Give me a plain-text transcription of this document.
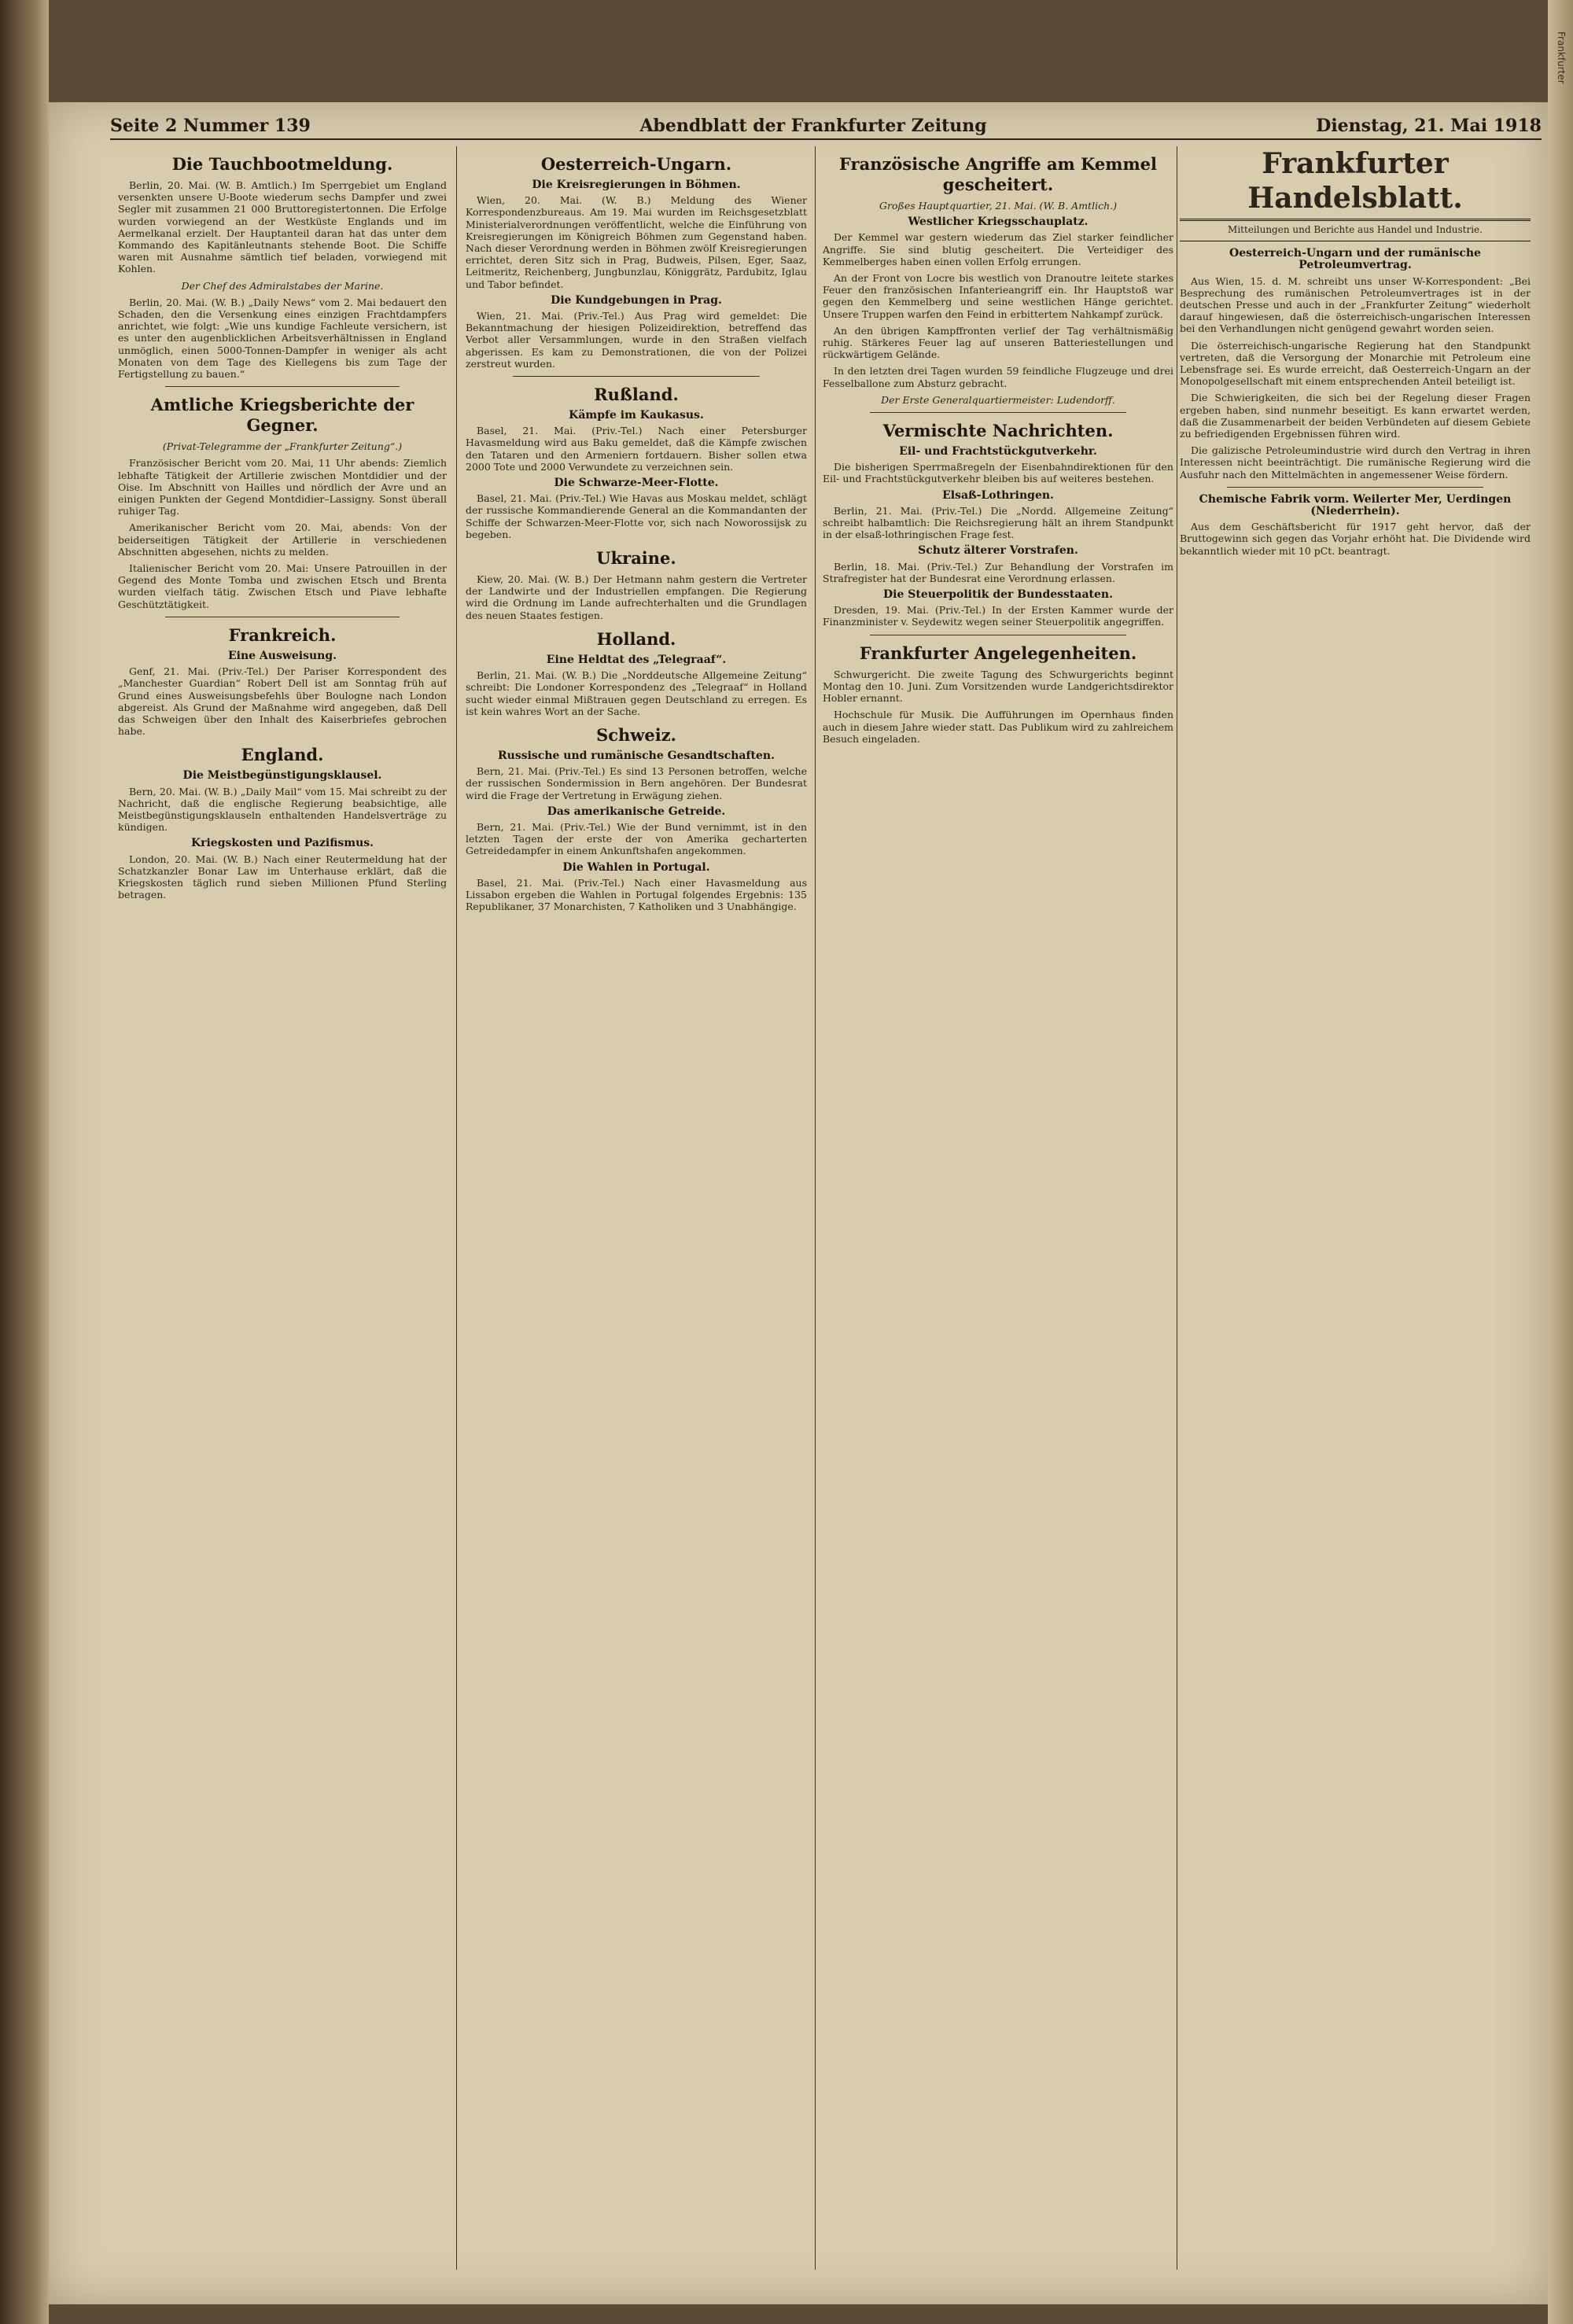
Frankfurter
Seite 2 Nummer 139	Abendblatt der Frankfurter Zeitung	Dienstag, 21. Mai 1918
Die Tauchbootmeldung.

Berlin, 20. Mai. (W. B. Amtlich.) Im Sperrgebiet um England versenkten unsere U-Boote wiederum sechs Dampfer und zwei Segler mit zusammen 21 000 Bruttoregistertonnen. Die Erfolge wurden vorwiegend an der Westküste Englands und im Aermelkanal erzielt. Der Hauptanteil daran hat das unter dem Kommando des Kapitänleutnants stehende Boot. Die Schiffe waren mit Ausnahme sämtlich tief beladen, vorwiegend mit Kohlen.

Der Chef des Admiralstabes der Marine.

Berlin, 20. Mai. (W. B.) „Daily News“ vom 2. Mai bedauert den Schaden, den die Versenkung eines einzigen Frachtdampfers anrichtet, wie folgt: „Wie uns kundige Fachleute versichern, ist es unter den augenblicklichen Arbeitsverhältnissen in England unmöglich, einen 5000-Tonnen-Dampfer in weniger als acht Monaten von dem Tage des Kiellegens bis zum Tage der Fertigstellung zu bauen.“

Amtliche Kriegsberichte der Gegner.

(Privat-Telegramme der „Frankfurter Zeitung“.)

Französischer Bericht vom 20. Mai, 11 Uhr abends: Ziemlich lebhafte Tätigkeit der Artillerie zwischen Montdidier und der Oise. Im Abschnitt von Hailles und nördlich der Avre und an einigen Punkten der Gegend Montdidier–Lassigny. Sonst überall ruhiger Tag.

Amerikanischer Bericht vom 20. Mai, abends: Von der beiderseitigen Tätigkeit der Artillerie in verschiedenen Abschnitten abgesehen, nichts zu melden.

Italienischer Bericht vom 20. Mai: Unsere Patrouillen in der Gegend des Monte Tomba und zwischen Etsch und Brenta wurden vielfach tätig. Zwischen Etsch und Piave lebhafte Geschütztätigkeit.

Frankreich.
Eine Ausweisung.

Genf, 21. Mai. (Priv.-Tel.) Der Pariser Korrespondent des „Manchester Guardian“ Robert Dell ist am Sonntag früh auf Grund eines Ausweisungsbefehls über Boulogne nach London abgereist. Als Grund der Maßnahme wird angegeben, daß Dell das Schweigen über den Inhalt des Kaiserbriefes gebrochen habe.

England.
Die Meistbegünstigungsklausel.

Bern, 20. Mai. (W. B.) „Daily Mail“ vom 15. Mai schreibt zu der Nachricht, daß die englische Regierung beabsichtige, alle Meistbegünstigungsklauseln enthaltenden Handelsverträge zu kündigen.

Kriegskosten und Pazifismus.

London, 20. Mai. (W. B.) Nach einer Reutermeldung hat der Schatzkanzler Bonar Law im Unterhause erklärt, daß die Kriegskosten täglich rund sieben Millionen Pfund Sterling betragen.

Oesterreich-Ungarn.
Die Kreisregierungen in Böhmen.

Wien, 20. Mai. (W. B.) Meldung des Wiener Korrespondenzbureaus. Am 19. Mai wurden im Reichsgesetzblatt Ministerialverordnungen veröffentlicht, welche die Einführung von Kreisregierungen im Königreich Böhmen zum Gegenstand haben. Nach dieser Verordnung werden in Böhmen zwölf Kreisregierungen errichtet, deren Sitz sich in Prag, Budweis, Pilsen, Eger, Saaz, Leitmeritz, Reichenberg, Jungbunzlau, Königgrätz, Pardubitz, Iglau und Tabor befindet.

Die Kundgebungen in Prag.

Wien, 21. Mai. (Priv.-Tel.) Aus Prag wird gemeldet: Die Bekanntmachung der hiesigen Polizeidirektion, betreffend das Verbot aller Versammlungen, wurde in den Straßen vielfach abgerissen. Es kam zu Demonstrationen, die von der Polizei zerstreut wurden.

Rußland.
Kämpfe im Kaukasus.

Basel, 21. Mai. (Priv.-Tel.) Nach einer Petersburger Havasmeldung wird aus Baku gemeldet, daß die Kämpfe zwischen den Tataren und den Armeniern fortdauern. Bisher sollen etwa 2000 Tote und 2000 Verwundete zu verzeichnen sein.

Die Schwarze-Meer-Flotte.

Basel, 21. Mai. (Priv.-Tel.) Wie Havas aus Moskau meldet, schlägt der russische Kommandierende General an die Kommandanten der Schiffe der Schwarzen-Meer-Flotte vor, sich nach Noworossijsk zu begeben.

Ukraine.

Kiew, 20. Mai. (W. B.) Der Hetmann nahm gestern die Vertreter der Landwirte und der Industriellen empfangen. Die Regierung wird die Ordnung im Lande aufrechterhalten und die Grundlagen des neuen Staates festigen.

Holland.
Eine Heldtat des „Telegraaf“.

Berlin, 21. Mai. (W. B.) Die „Norddeutsche Allgemeine Zeitung“ schreibt: Die Londoner Korrespondenz des „Telegraaf“ in Holland sucht wieder einmal Mißtrauen gegen Deutschland zu erregen. Es ist kein wahres Wort an der Sache.

Schweiz.
Russische und rumänische Gesandtschaften.

Bern, 21. Mai. (Priv.-Tel.) Es sind 13 Personen betroffen, welche der russischen Sondermission in Bern angehören. Der Bundesrat wird die Frage der Vertretung in Erwägung ziehen.

Das amerikanische Getreide.

Bern, 21. Mai. (Priv.-Tel.) Wie der Bund vernimmt, ist in den letzten Tagen der erste der von Amerika gecharterten Getreidedampfer in einem Ankunftshafen angekommen.

Die Wahlen in Portugal.

Basel, 21. Mai. (Priv.-Tel.) Nach einer Havasmeldung aus Lissabon ergeben die Wahlen in Portugal folgendes Ergebnis: 135 Republikaner, 37 Monarchisten, 7 Katholiken und 3 Unabhängige.

Französische Angriffe am Kemmel gescheitert.

Großes Hauptquartier, 21. Mai. (W. B. Amtlich.)

Westlicher Kriegsschauplatz.

Der Kemmel war gestern wiederum das Ziel starker feindlicher Angriffe. Sie sind blutig gescheitert. Die Verteidiger des Kemmelberges haben einen vollen Erfolg errungen.

An der Front von Locre bis westlich von Dranoutre leitete starkes Feuer den französischen Infanterieangriff ein. Ihr Hauptstoß war gegen den Kemmelberg und seine westlichen Hänge gerichtet. Unsere Truppen warfen den Feind in erbittertem Nahkampf zurück.

An den übrigen Kampffronten verlief der Tag verhältnismäßig ruhig. Stärkeres Feuer lag auf unseren Batteriestellungen und rückwärtigem Gelände.

In den letzten drei Tagen wurden 59 feindliche Flugzeuge und drei Fesselballone zum Absturz gebracht.

Der Erste Generalquartiermeister: Ludendorff.

Vermischte Nachrichten.
Eil- und Frachtstückgutverkehr.

Die bisherigen Sperrmaßregeln der Eisenbahndirektionen für den Eil- und Frachtstückgutverkehr bleiben bis auf weiteres bestehen.

Elsaß-Lothringen.

Berlin, 21. Mai. (Priv.-Tel.) Die „Nordd. Allgemeine Zeitung“ schreibt halbamtlich: Die Reichsregierung hält an ihrem Standpunkt in der elsaß-lothringischen Frage fest.

Schutz älterer Vorstrafen.

Berlin, 18. Mai. (Priv.-Tel.) Zur Behandlung der Vorstrafen im Strafregister hat der Bundesrat eine Verordnung erlassen.

Die Steuerpolitik der Bundesstaaten.

Dresden, 19. Mai. (Priv.-Tel.) In der Ersten Kammer wurde der Finanzminister v. Seydewitz wegen seiner Steuerpolitik angegriffen.

Frankfurter Angelegenheiten.

Schwurgericht. Die zweite Tagung des Schwurgerichts beginnt Montag den 10. Juni. Zum Vorsitzenden wurde Landgerichtsdirektor Hobler ernannt.

Hochschule für Musik. Die Aufführungen im Opernhaus finden auch in diesem Jahre wieder statt. Das Publikum wird zu zahlreichem Besuch eingeladen.

Frankfurter Handelsblatt.
Mitteilungen und Berichte aus Handel und Industrie.
Oesterreich-Ungarn und der rumänische Petroleumvertrag.

Aus Wien, 15. d. M. schreibt uns unser W-Korrespondent: „Bei Besprechung des rumänischen Petroleumvertrages ist in der deutschen Presse und auch in der „Frankfurter Zeitung“ wiederholt darauf hingewiesen, daß die österreichisch-ungarischen Interessen bei den Verhandlungen nicht genügend gewahrt worden seien.

Die österreichisch-ungarische Regierung hat den Standpunkt vertreten, daß die Versorgung der Monarchie mit Petroleum eine Lebensfrage sei. Es wurde erreicht, daß Oesterreich-Ungarn an der Monopolgesellschaft mit einem entsprechenden Anteil beteiligt ist.

Die Schwierigkeiten, die sich bei der Regelung dieser Fragen ergeben haben, sind nunmehr beseitigt. Es kann erwartet werden, daß die Zusammenarbeit der beiden Verbündeten auf diesem Gebiete zu befriedigenden Ergebnissen führen wird.

Die galizische Petroleumindustrie wird durch den Vertrag in ihren Interessen nicht beeinträchtigt. Die rumänische Regierung wird die Ausfuhr nach den Mittelmächten in angemessener Weise fördern.

Chemische Fabrik vorm. Weilerter Mer, Uerdingen (Niederrhein).

Aus dem Geschäftsbericht für 1917 geht hervor, daß der Bruttogewinn sich gegen das Vorjahr erhöht hat. Die Dividende wird bekanntlich wieder mit 10 pCt. beantragt.
